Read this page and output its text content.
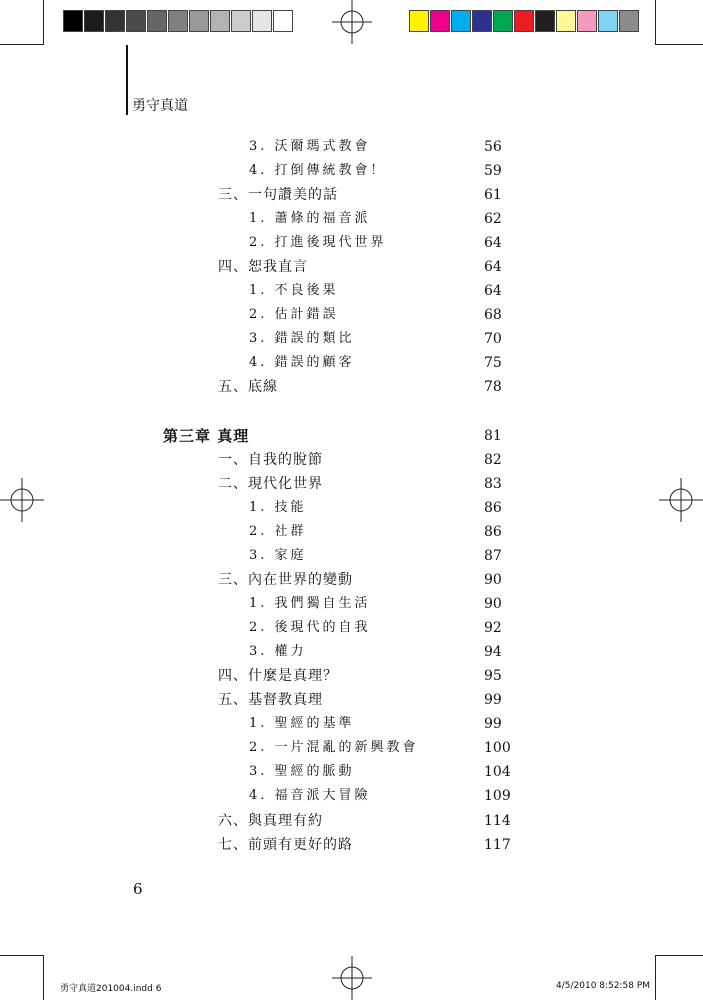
勇守真道
3. 沃爾瑪式教會	56
4. 打倒傳統教會！	59
三、一句讚美的話	61
1. 蕭條的福音派	62
2. 打進後現代世界	64
四、恕我直言	64
1. 不良後果	64
2. 估計錯誤	68
3. 錯誤的類比	70
4. 錯誤的顧客	75
五、底線	78
第三章 真理	81
一、自我的脫節	82
二、現代化世界	83
1. 技能	86
2. 社群	86
3. 家庭	87
三、內在世界的變動	90
1. 我們獨自生活	90
2. 後現代的自我	92
3. 權力	94
四、什麼是真理？	95
五、基督教真理	99
1. 聖經的基準	99
2. 一片混亂的新興教會	100
3. 聖經的脈動	104
4. 福音派大冒險	109
六、與真理有約	114
七、前頭有更好的路	117
6
勇守真道201004.indd 6	4/5/2010 8:52:58 PM
